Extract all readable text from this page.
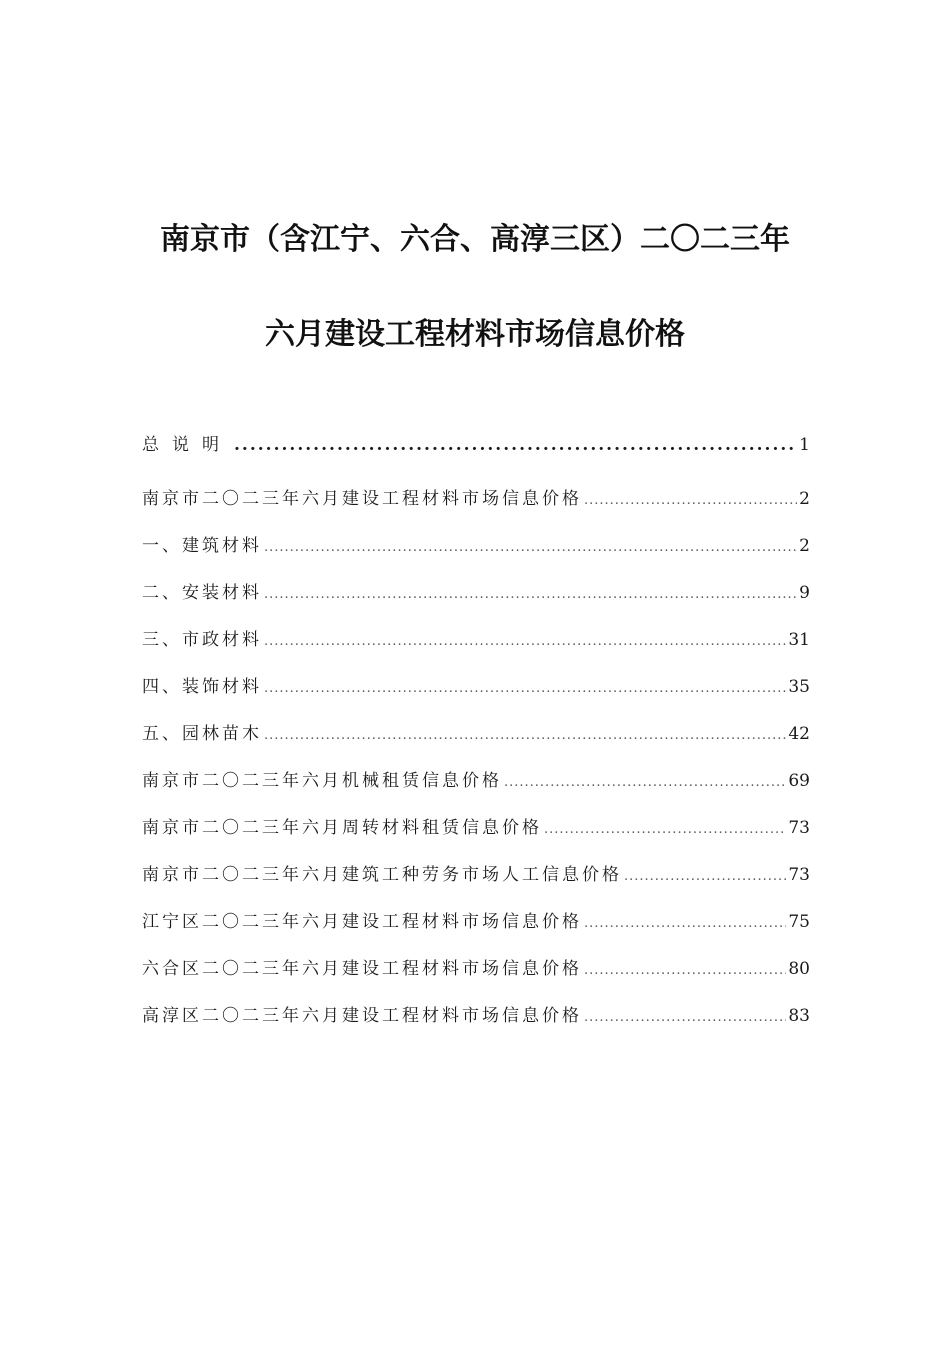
南京市（含江宁、六合、高淳三区）二〇二三年
六月建设工程材料市场信息价格
总说明 .....	1
南京市二〇二三年六月建设工程材料市场信息价格 .....	2
一、建筑材料 .....	2
二、安装材料 .....	9
三、市政材料 .....	31
四、装饰材料 .....	35
五、园林苗木 .....	42
南京市二〇二三年六月机械租赁信息价格 .....	69
南京市二〇二三年六月周转材料租赁信息价格 .....	73
南京市二〇二三年六月建筑工种劳务市场人工信息价格 .....	73
江宁区二〇二三年六月建设工程材料市场信息价格 .....	75
六合区二〇二三年六月建设工程材料市场信息价格 .....	80
高淳区二〇二三年六月建设工程材料市场信息价格 .....	83
